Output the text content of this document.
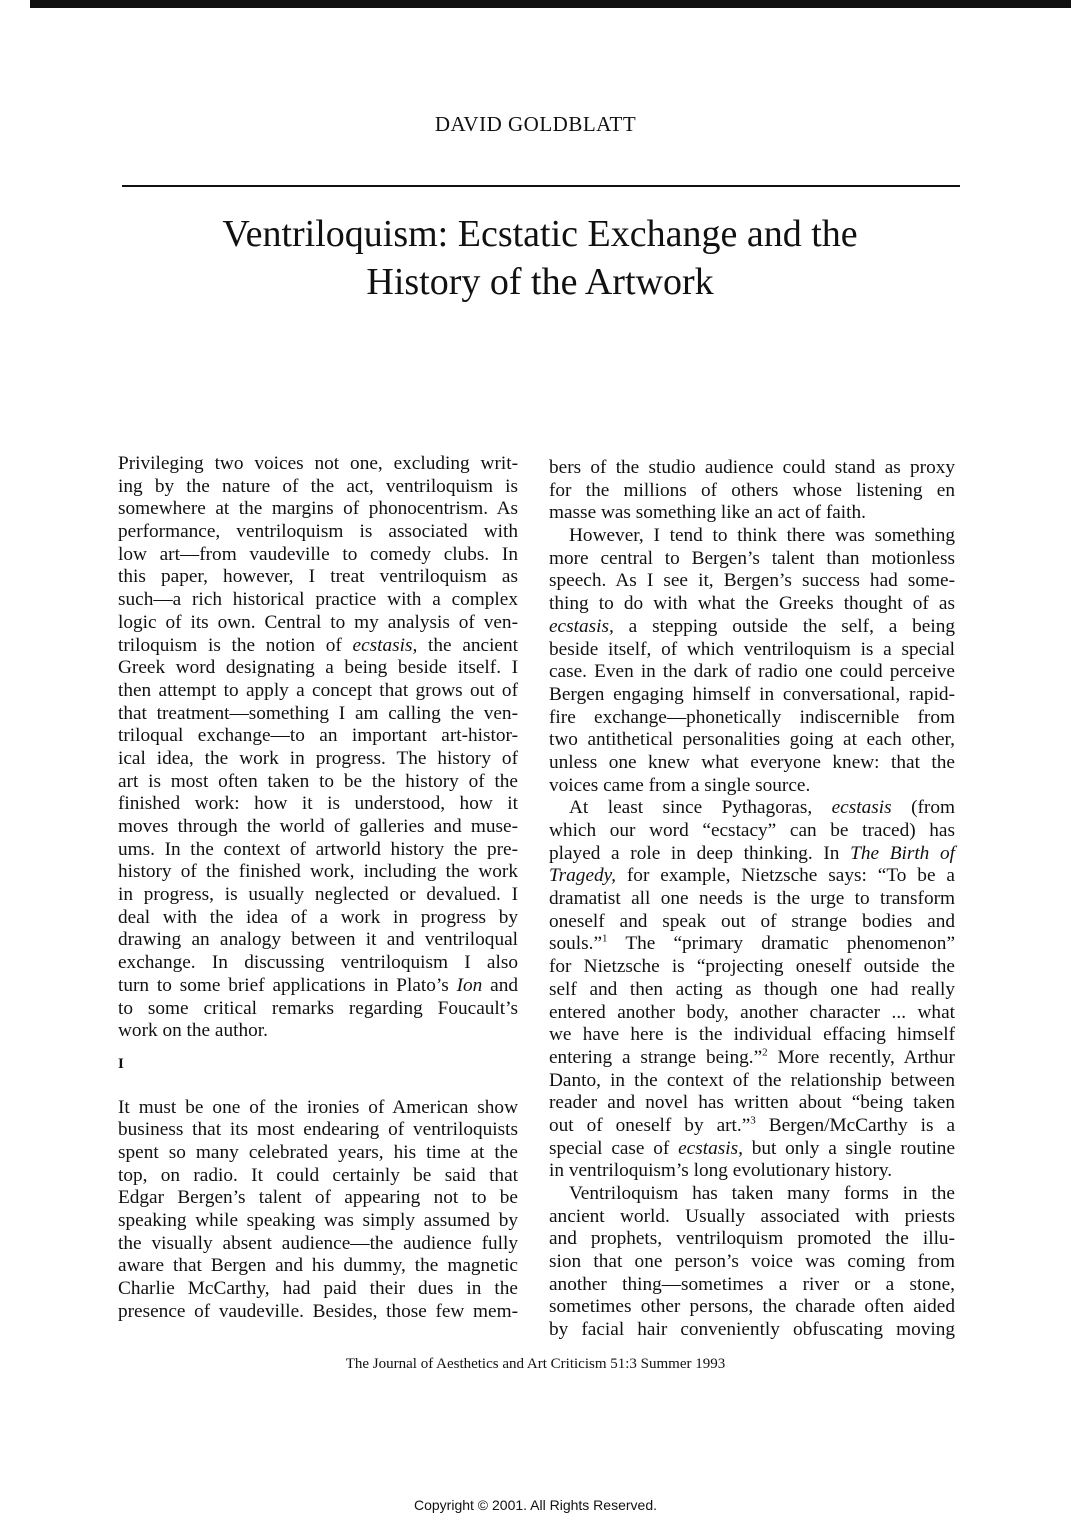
DAVID GOLDBLATT
Ventriloquism: Ecstatic Exchange and the
History of the Artwork
Privileging two voices not one, excluding writ-
ing by the nature of the act, ventriloquism is
somewhere at the margins of phonocentrism. As
performance, ventriloquism is associated with
low art—from vaudeville to comedy clubs. In
this paper, however, I treat ventriloquism as
such—a rich historical practice with a complex
logic of its own. Central to my analysis of ven-
triloquism is the notion of ecstasis, the ancient
Greek word designating a being beside itself. I
then attempt to apply a concept that grows out of
that treatment—something I am calling the ven-
triloqual exchange—to an important art-histor-
ical idea, the work in progress. The history of
art is most often taken to be the history of the
finished work: how it is understood, how it
moves through the world of galleries and muse-
ums. In the context of artworld history the pre-
history of the finished work, including the work
in progress, is usually neglected or devalued. I
deal with the idea of a work in progress by
drawing an analogy between it and ventriloqual
exchange. In discussing ventriloquism I also
turn to some brief applications in Plato’s Ion and
to some critical remarks regarding Foucault’s
work on the author.
I
It must be one of the ironies of American show
business that its most endearing of ventriloquists
spent so many celebrated years, his time at the
top, on radio. It could certainly be said that
Edgar Bergen’s talent of appearing not to be
speaking while speaking was simply assumed by
the visually absent audience—the audience fully
aware that Bergen and his dummy, the magnetic
Charlie McCarthy, had paid their dues in the
presence of vaudeville. Besides, those few mem-
bers of the studio audience could stand as proxy
for the millions of others whose listening en
masse was something like an act of faith.
However, I tend to think there was something
more central to Bergen’s talent than motionless
speech. As I see it, Bergen’s success had some-
thing to do with what the Greeks thought of as
ecstasis, a stepping outside the self, a being
beside itself, of which ventriloquism is a special
case. Even in the dark of radio one could perceive
Bergen engaging himself in conversational, rapid-
fire exchange—phonetically indiscernible from
two antithetical personalities going at each other,
unless one knew what everyone knew: that the
voices came from a single source.
At least since Pythagoras, ecstasis (from
which our word “ecstacy” can be traced) has
played a role in deep thinking. In The Birth of
Tragedy, for example, Nietzsche says: “To be a
dramatist all one needs is the urge to transform
oneself and speak out of strange bodies and
souls.”$^1$ The “primary dramatic phenomenon”
for Nietzsche is “projecting oneself outside the
self and then acting as though one had really
entered another body, another character ... what
we have here is the individual effacing himself
entering a strange being.”$^2$ More recently, Arthur
Danto, in the context of the relationship between
reader and novel has written about “being taken
out of oneself by art.”$^3$ Bergen/McCarthy is a
special case of ecstasis, but only a single routine
in ventriloquism’s long evolutionary history.
Ventriloquism has taken many forms in the
ancient world. Usually associated with priests
and prophets, ventriloquism promoted the illu-
sion that one person’s voice was coming from
another thing—sometimes a river or a stone,
sometimes other persons, the charade often aided
by facial hair conveniently obfuscating moving
The Journal of Aesthetics and Art Criticism 51:3 Summer 1993
Copyright © 2001. All Rights Reserved.
